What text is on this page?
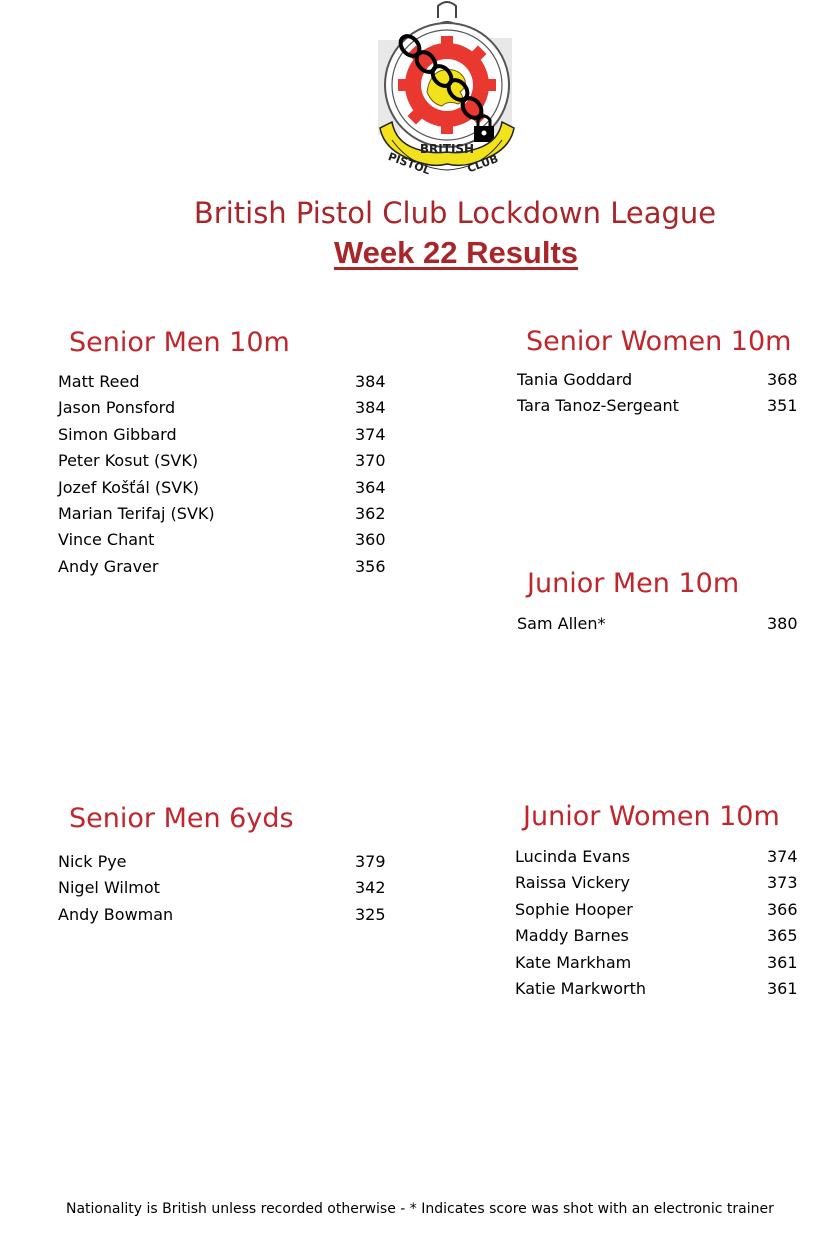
BRITISH
PISTOL	CLUB
British Pistol Club Lockdown League
Week 22 Results
Senior Men 10m
Matt Reed	384
Jason Ponsford	384
Simon Gibbard	374
Peter Kosut (SVK)	370
Jozef Košťál (SVK)	364
Marian Terifaj (SVK)	362
Vince Chant	360
Andy Graver	356
Senior Women 10m
Tania Goddard	368
Tara Tanoz-Sergeant	351
Junior Men 10m
Sam Allen*	380
Senior Men 6yds
Nick Pye	379
Nigel Wilmot	342
Andy Bowman	325
Junior Women 10m
Lucinda Evans	374
Raissa Vickery	373
Sophie Hooper	366
Maddy Barnes	365
Kate Markham	361
Katie Markworth	361
Nationality is British unless recorded otherwise - * Indicates score was shot with an electronic trainer
